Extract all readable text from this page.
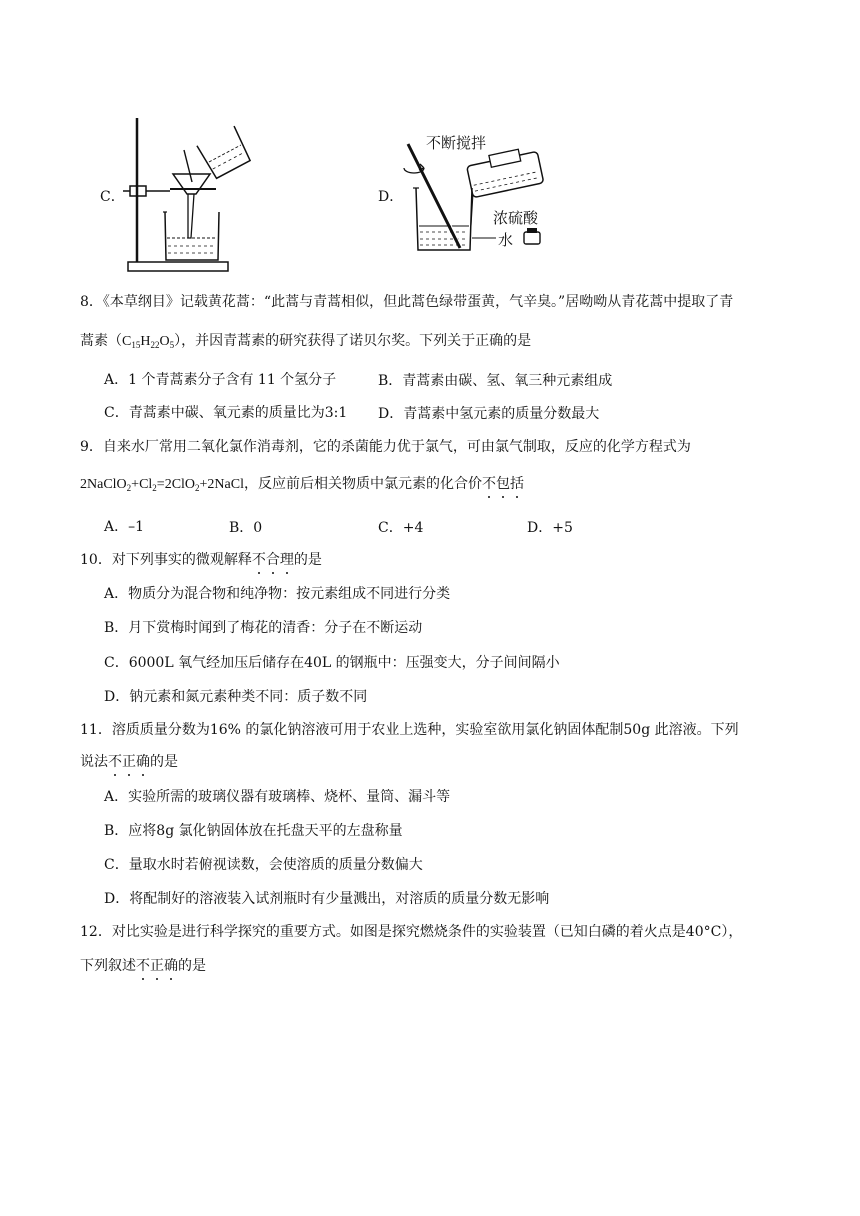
C．	D．
不断搅拌
浓硫酸
水
8．《本草纲目》记载黄花蒿：“此蒿与青蒿相似，但此蒿色绿带蛋黄，气辛臭。”居呦呦从青花蒿中提取了青
蒿素$(C_{15}H_{22}O_5)$，并因青蒿素的研究获得了诺贝尔奖。下列关于正确的是
A．1 个青蒿素分子含有 11 个氢分子	B．青蒿素由碳、氢、氧三种元素组成
C．青蒿素中碳、氧元素的质量比为3:1 D．青蒿素中氢元素的质量分数最大
9．自来水厂常用二氧化氯作消毒剂，它的杀菌能力优于氯气，可由氯气制取，反应的化学方程式为
$2NaClO_2+Cl_2=2ClO_2+2NaCl$，反应前后相关物质中氯元素的化合价不包括
A．–1	B．0	C．+4	D．+5
10．对下列事实的微观解释不合理的是
A．物质分为混合物和纯净物：按元素组成不同进行分类
B．月下赏梅时闻到了梅花的清香：分子在不断运动
C．6000L 氧气经加压后储存在40L 的钢瓶中：压强变大，分子间间隔小
D．钠元素和氮元素种类不同：质子数不同
11．溶质质量分数为16% 的氯化钠溶液可用于农业上选种，实验室欲用氯化钠固体配制50g 此溶液。下列
说法不正确的是
A．实验所需的玻璃仪器有玻璃棒、烧杯、量筒、漏斗等
B．应将8g 氯化钠固体放在托盘天平的左盘称量
C．量取水时若俯视读数，会使溶质的质量分数偏大
D．将配制好的溶液装入试剂瓶时有少量溅出，对溶质的质量分数无影响
12．对比实验是进行科学探究的重要方式。如图是探究燃烧条件的实验装置（已知白磷的着火点是40°C），
下列叙述不正确的是
